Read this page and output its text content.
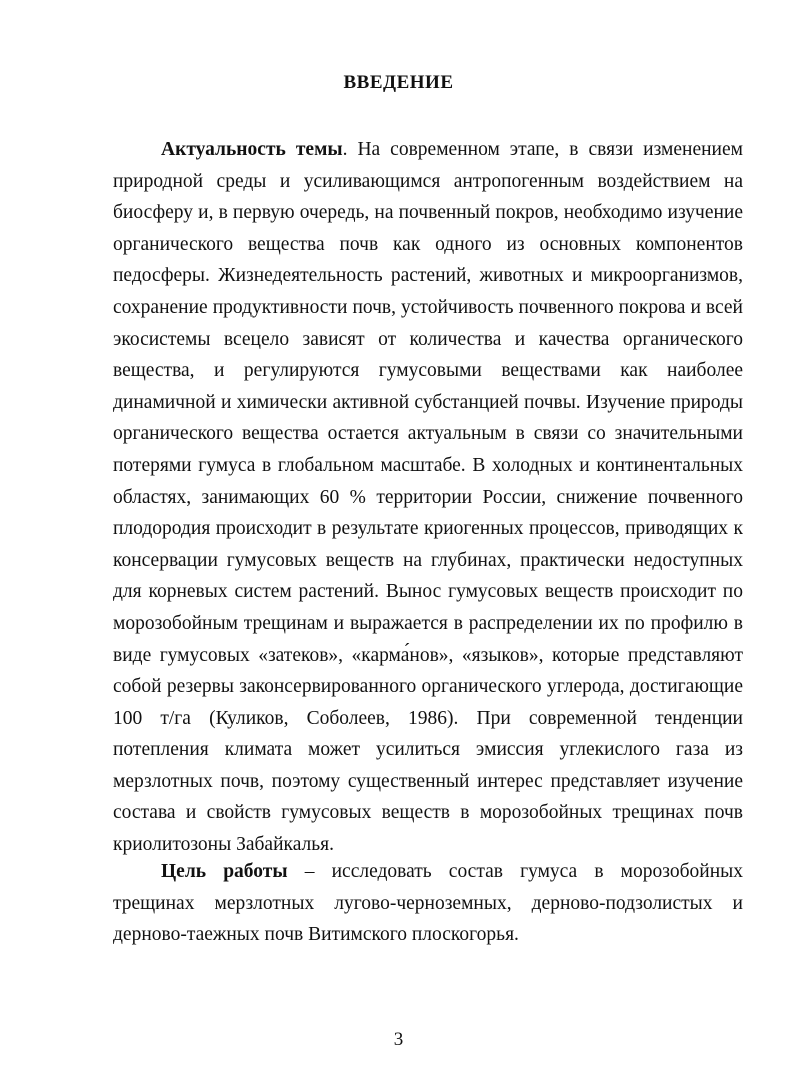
ВВЕДЕНИЕ

Актуальность темы. На современном этапе, в связи изменением природной среды и усиливающимся антропогенным воздействием на биосферу и, в первую очередь, на почвенный покров, необходимо изучение органического вещества почв как одного из основных компонентов педосферы. Жизнедеятельность растений, животных и микроорганизмов, сохранение продуктивности почв, устойчивость почвенного покрова и всей экосистемы всецело зависят от количества и качества органического вещества, и регулируются гумусовыми веществами как наиболее динамичной и химически активной субстанцией почвы. Изучение природы органического вещества остается актуальным в связи со значительными потерями гумуса в глобальном масштабе. В холодных и континентальных областях, занимающих 60 % территории России, снижение почвенного плодородия происходит в результате криогенных процессов, приводящих к консервации гумусовых веществ на глубинах, практически недоступных для корневых систем растений. Вынос гумусовых веществ происходит по морозобойным трещинам и выражается в распределении их по профилю в виде гумусовых «затеков», «карма́нов», «языков», которые представляют собой резервы законсервированного органического углерода, достигающие 100 т/га (Куликов, Соболеев, 1986). При современной тенденции потепления климата может усилиться эмиссия углекислого газа из мерзлотных почв, поэтому существенный интерес представляет изучение состава и свойств гумусовых веществ в морозобойных трещинах почв криолитозоны Забайкалья.

Цель работы – исследовать состав гумуса в морозобойных трещинах мерзлотных лугово-черноземных, дерново-подзолистых и дерново-таежных почв Витимского плоскогорья.

3
